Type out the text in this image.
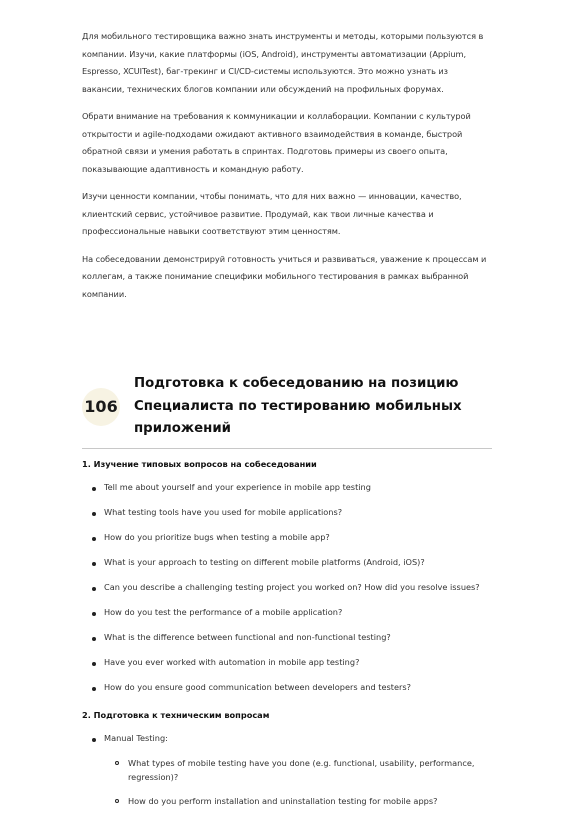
Для мобильного тестировщика важно знать инструменты и методы, которыми пользуются в компании. Изучи, какие платформы (iOS, Android), инструменты автоматизации (Appium, Espresso, XCUITest), баг-трекинг и CI/CD-системы используются. Это можно узнать из вакансии, технических блогов компании или обсуждений на профильных форумах.

Обрати внимание на требования к коммуникации и коллаборации. Компании с культурой открытости и agile-подходами ожидают активного взаимодействия в команде, быстрой обратной связи и умения работать в спринтах. Подготовь примеры из своего опыта, показывающие адаптивность и командную работу.

Изучи ценности компании, чтобы понимать, что для них важно — инновации, качество, клиентский сервис, устойчивое развитие. Продумай, как твои личные качества и профессиональные навыки соответствуют этим ценностям.

На собеседовании демонстрируй готовность учиться и развиваться, уважение к процессам и коллегам, а также понимание специфики мобильного тестирования в рамках выбранной компании.

106
Подготовка к собеседованию на позицию Специалиста по тестированию мобильных приложений
1. Изучение типовых вопросов на собеседовании
Tell me about yourself and your experience in mobile app testing
What testing tools have you used for mobile applications?
How do you prioritize bugs when testing a mobile app?
What is your approach to testing on different mobile platforms (Android, iOS)?
Can you describe a challenging testing project you worked on? How did you resolve issues?
How do you test the performance of a mobile application?
What is the difference between functional and non-functional testing?
Have you ever worked with automation in mobile app testing?
How do you ensure good communication between developers and testers?
2. Подготовка к техническим вопросам
Manual Testing:
What types of mobile testing have you done (e.g. functional, usability, performance, regression)?
How do you perform installation and uninstallation testing for mobile apps?
